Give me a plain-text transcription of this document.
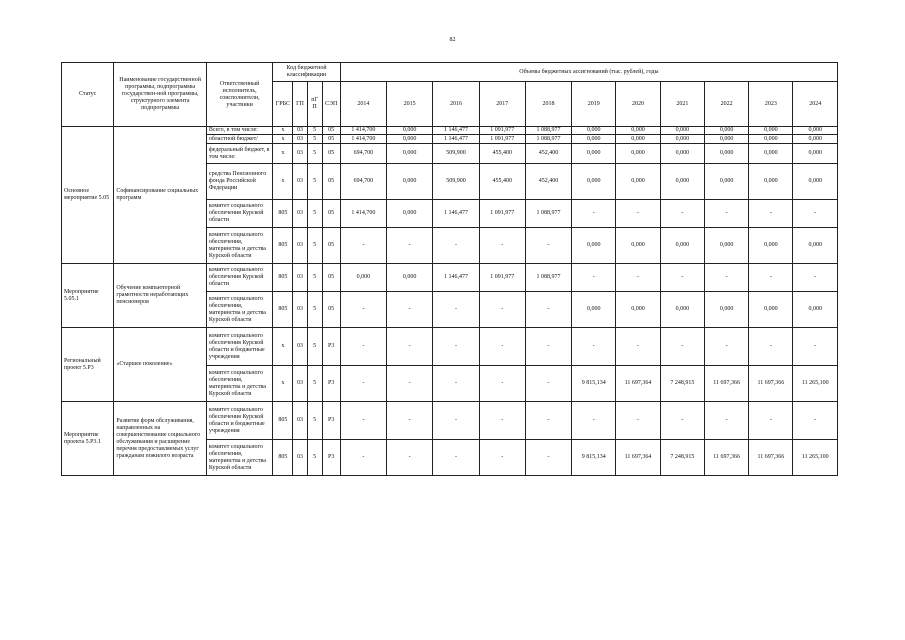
82
Статус	Наименование государственной программы, подпрограммы государствен-ной программы, структурного элемента подпрограммы	Ответственный исполнитель, соисполнители, участники	Код бюджетной классификации				Объемы бюджетных ассигнований (тыс. рублей), годы										
			ГРБС	ГП	пГП	СЭП	2014	2015	2016	2017	2018	2019	2020	2021	2022	2023	2024
Основное мероприятие 5.05	Софинансирование социальных программ	Всего, в том числе:	x	03	5	05	1 414,700	0,000	1 146,477	1 091,977	1 088,977	0,000	0,000	0,000	0,000	0,000	0,000
		областной бюджет/	x	03	5	05	1 414,700	0,000	1 146,477	1 091,977	1 088,977	0,000	0,000	0,000	0,000	0,000	0,000
		федеральный бюджет, в том числе:	x	03	5	05	694,700	0,000	509,900	455,400	452,400	0,000	0,000	0,000	0,000	0,000	0,000
		средства Пенсионного фонда Российской Федерации	x	03	5	05	694,700	0,000	509,900	455,400	452,400	0,000	0,000	0,000	0,000	0,000	0,000
		комитет социального обеспечения Курской области	805	03	5	05	1 414,700	0,000	1 146,477	1 091,977	1 088,977	-	-	-	-	-	-
		комитет социального обеспечения, материнства и детства Курской области	805	03	5	05	-	-	-	-	-	0,000	0,000	0,000	0,000	0,000	0,000
Мероприятие 5.05.1	Обучение компьютерной грамотности неработающих пенсионеров	комитет социального обеспечения Курской области	805	03	5	05	0,000	0,000	1 146,477	1 091,977	1 088,977	-	-	-	-	-	-
		комитет социального обеспечения, материнства и детства Курской области	805	03	5	05	-	-	-	-	-	0,000	0,000	0,000	0,000	0,000	0,000
Региональный проект 5.Р3	«Старшее поколение»	комитет социального обеспечения Курской области и бюджетные учреждения	x	03	5	Р3	-	-	-	-	-	-	-	-	-	-	-
		комитет социального обеспечения, материнства и детства Курской области	x	03	5	Р3	-	-	-	-	-	9 815,134	11 697,364	7 248,915	11 697,366	11 697,366	11 265,100
Мероприятие проекта 5.Р3.1	Развитие форм обслуживания, направленных на совершенствование социального обслуживания и расширение перечня предоставляемых услуг гражданам пожилого возраста	комитет социального обеспечения Курской области и бюджетные учреждения	805	03	5	Р3	-	-	-	-	-	-	-	-	-	-	-
		комитет социального обеспечения, материнства и детства Курской области	805	03	5	Р3	-	-	-	-	-	9 815,134	11 697,364	7 248,915	11 697,366	11 697,366	11 265,100
